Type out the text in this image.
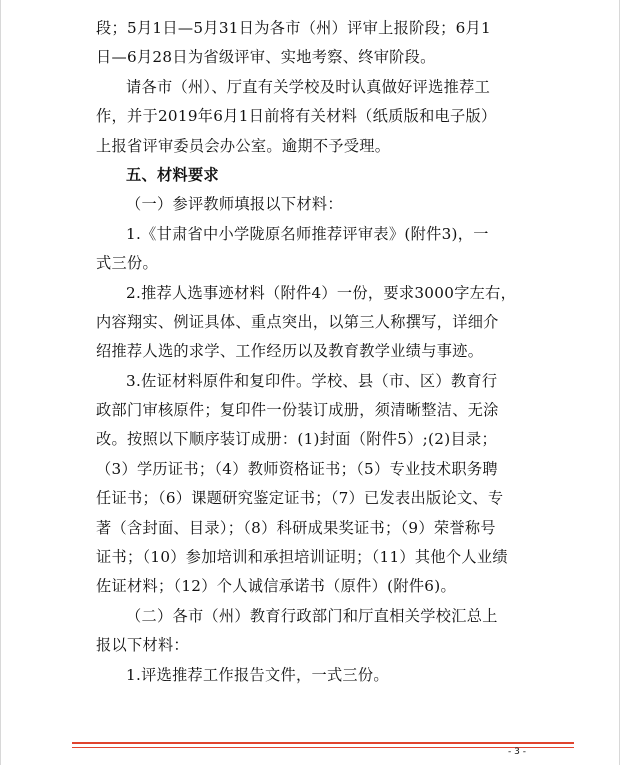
段；5月1日—5月31日为各市（州）评审上报阶段；6月1
日—6月28日为省级评审、实地考察、终审阶段。
请各市（州）、厅直有关学校及时认真做好评选推荐工
作，并于2019年6月1日前将有关材料（纸质版和电子版）
上报省评审委员会办公室。逾期不予受理。
五、材料要求
（一）参评教师填报以下材料：
1.《甘肃省中小学陇原名师推荐评审表》(附件3)，一
式三份。
2.推荐人选事迹材料（附件4）一份，要求3000字左右，
内容翔实、例证具体、重点突出，以第三人称撰写，详细介
绍推荐人选的求学、工作经历以及教育教学业绩与事迹。
3.佐证材料原件和复印件。学校、县（市、区）教育行
政部门审核原件；复印件一份装订成册，须清晰整洁、无涂
改。按照以下顺序装订成册：(1)封面（附件5）;(2)目录；
（3）学历证书；（4）教师资格证书；（5）专业技术职务聘
任证书；（6）课题研究鉴定证书；（7）已发表出版论文、专
著（含封面、目录）；（8）科研成果奖证书；（9）荣誉称号
证书；（10）参加培训和承担培训证明；（11）其他个人业绩
佐证材料；（12）个人诚信承诺书（原件）(附件6)。
（二）各市（州）教育行政部门和厅直相关学校汇总上
报以下材料：
1.评选推荐工作报告文件，一式三份。
- 3 -
